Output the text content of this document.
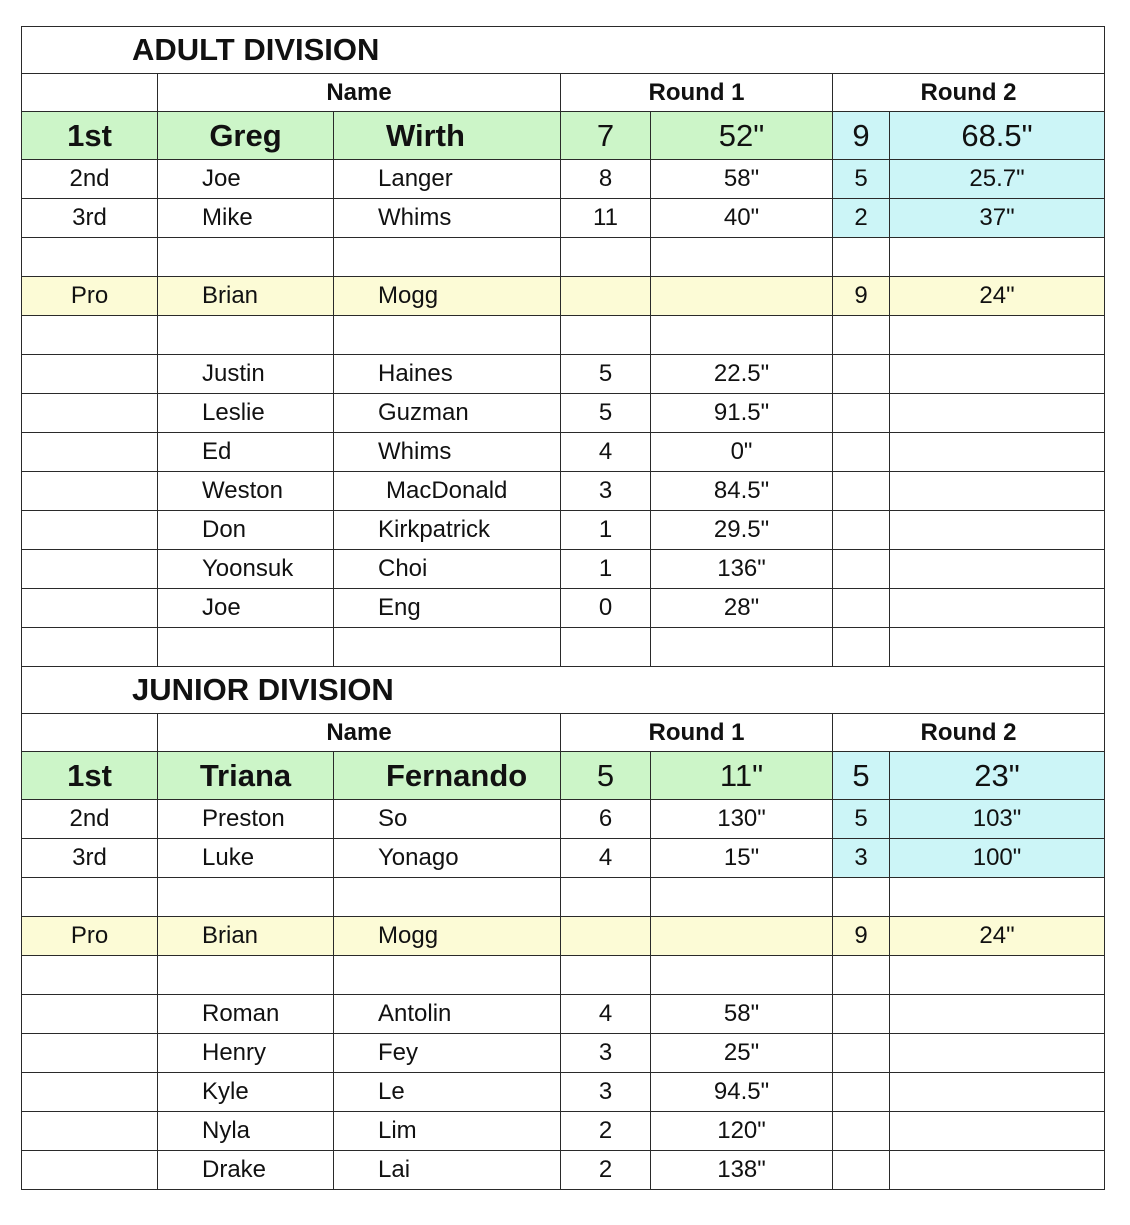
ADULT DIVISION						
	Name		Round 1		Round 2	
1st	Greg	Wirth	7	52"	9	68.5"
2nd	Joe	Langer	8	58"	5	25.7"
3rd	Mike	Whims	11	40"	2	37"

Pro	Brian	Mogg			9	24"

	Justin	Haines	5	22.5"		
	Leslie	Guzman	5	91.5"		
	Ed	Whims	4	0"		
	Weston	MacDonald	3	84.5"		
	Don	Kirkpatrick	1	29.5"		
	Yoonsuk	Choi	1	136"		
	Joe	Eng	0	28"		

JUNIOR DIVISION						
	Name		Round 1		Round 2	
1st	Triana	Fernando	5	11"	5	23"
2nd	Preston	So	6	130"	5	103"
3rd	Luke	Yonago	4	15"	3	100"

Pro	Brian	Mogg			9	24"

	Roman	Antolin	4	58"		
	Henry	Fey	3	25"		
	Kyle	Le	3	94.5"		
	Nyla	Lim	2	120"		
	Drake	Lai	2	138"		
